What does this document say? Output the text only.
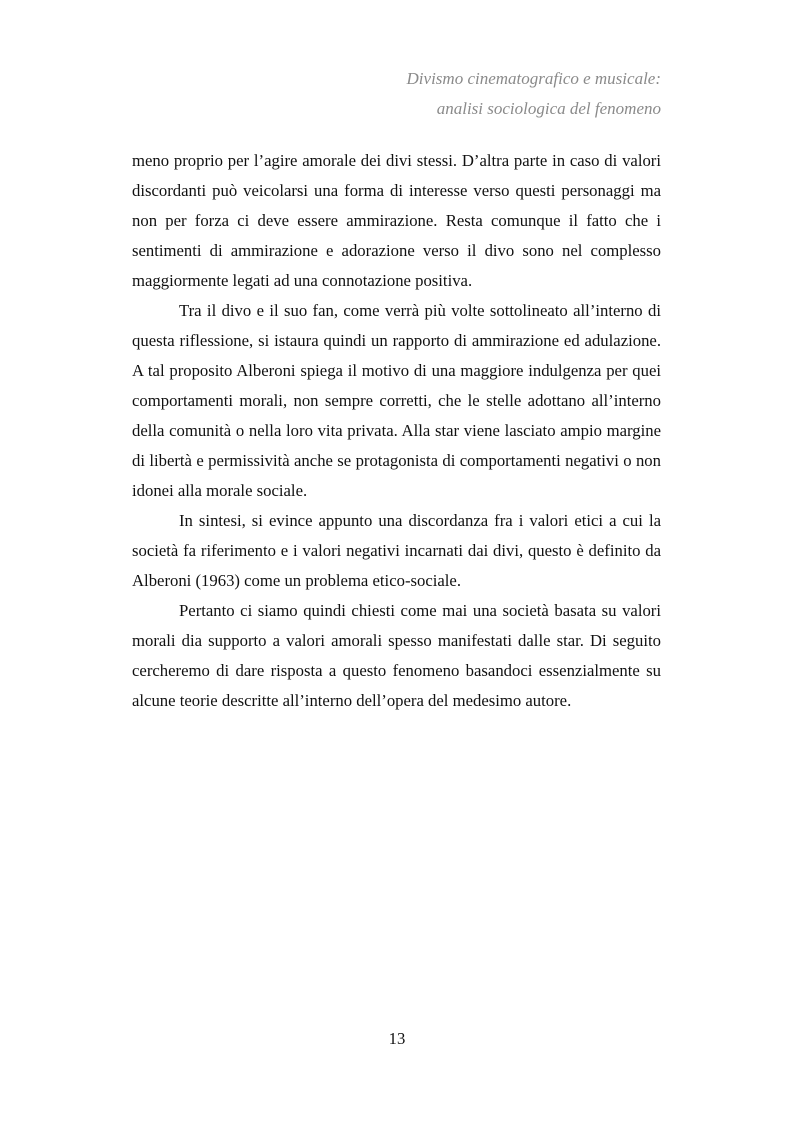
Divismo cinematografico e musicale:
analisi sociologica del fenomeno

meno proprio per l’agire amorale dei divi stessi. D’altra parte in caso di valori discordanti può veicolarsi una forma di interesse verso questi personaggi ma non per forza ci deve essere ammirazione. Resta comunque il fatto che i sentimenti di ammirazione e adorazione verso il divo sono nel complesso maggiormente legati ad una connotazione positiva.

Tra il divo e il suo fan, come verrà più volte sottolineato all’interno di questa riflessione, si istaura quindi un rapporto di ammirazione ed adulazione. A tal proposito Alberoni spiega il motivo di una maggiore indulgenza per quei comportamenti morali, non sempre corretti, che le stelle adottano all’interno della comunità o nella loro vita privata. Alla star viene lasciato ampio margine di libertà e permissività anche se protagonista di comportamenti negativi o non idonei alla morale sociale.

In sintesi, si evince appunto una discordanza fra i valori etici a cui la società fa riferimento e i valori negativi incarnati dai divi, questo è definito da Alberoni (1963) come un problema etico-sociale.

Pertanto ci siamo quindi chiesti come mai una società basata su valori morali dia supporto a valori amorali spesso manifestati dalle star. Di seguito cercheremo di dare risposta a questo fenomeno basandoci essenzialmente su alcune teorie descritte all’interno dell’opera del medesimo autore.

13
